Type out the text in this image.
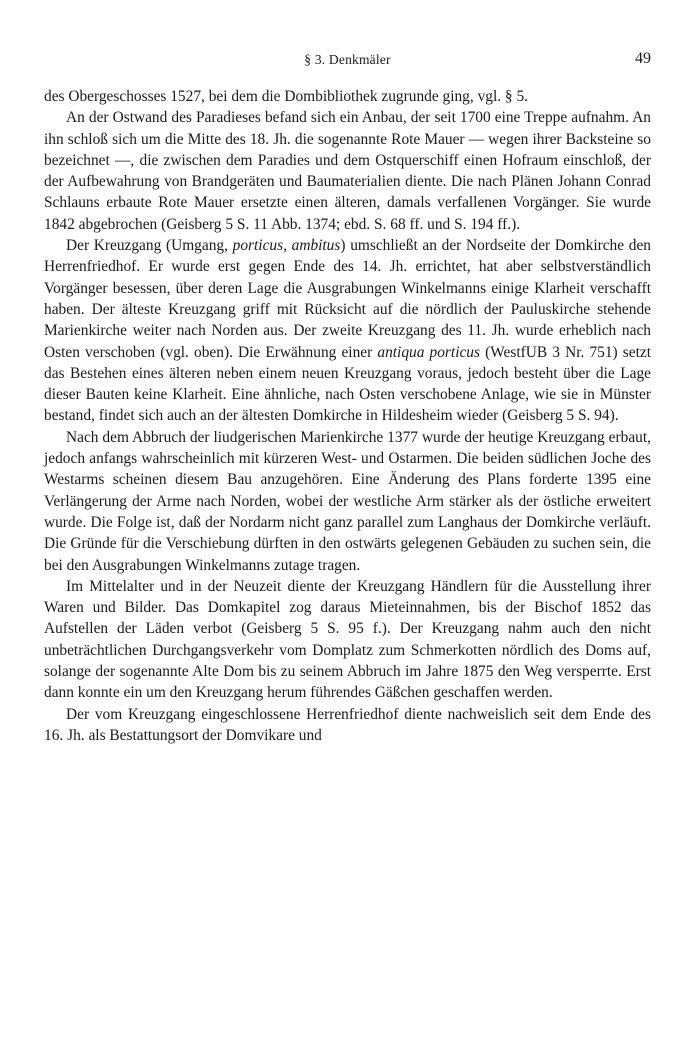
§ 3. Denkmäler	49

des Obergeschosses 1527, bei dem die Dombibliothek zugrunde ging, vgl. § 5.

An der Ostwand des Paradieses befand sich ein Anbau, der seit 1700 eine Treppe aufnahm. An ihn schloß sich um die Mitte des 18. Jh. die sogenannte Rote Mauer — wegen ihrer Backsteine so bezeichnet —, die zwischen dem Paradies und dem Ostquerschiff einen Hofraum einschloß, der der Aufbewahrung von Brandgeräten und Baumaterialien diente. Die nach Plänen Johann Conrad Schlauns erbaute Rote Mauer ersetzte einen älteren, damals verfallenen Vorgänger. Sie wurde 1842 abgebrochen (Geisberg 5 S. 11 Abb. 1374; ebd. S. 68 ff. und S. 194 ff.).

Der Kreuzgang (Umgang, porticus, ambitus) umschließt an der Nordseite der Domkirche den Herrenfriedhof. Er wurde erst gegen Ende des 14. Jh. errichtet, hat aber selbstverständlich Vorgänger besessen, über deren Lage die Ausgrabungen Winkelmanns einige Klarheit verschafft haben. Der älteste Kreuzgang griff mit Rücksicht auf die nördlich der Pauluskirche stehende Marienkirche weiter nach Norden aus. Der zweite Kreuzgang des 11. Jh. wurde erheblich nach Osten verschoben (vgl. oben). Die Erwähnung einer antiqua porticus (WestfUB 3 Nr. 751) setzt das Bestehen eines älteren neben einem neuen Kreuzgang voraus, jedoch besteht über die Lage dieser Bauten keine Klarheit. Eine ähnliche, nach Osten verschobene Anlage, wie sie in Münster bestand, findet sich auch an der ältesten Domkirche in Hildesheim wieder (Geisberg 5 S. 94).

Nach dem Abbruch der liudgerischen Marienkirche 1377 wurde der heutige Kreuzgang erbaut, jedoch anfangs wahrscheinlich mit kürzeren West- und Ostarmen. Die beiden südlichen Joche des Westarms scheinen diesem Bau anzugehören. Eine Änderung des Plans forderte 1395 eine Verlängerung der Arme nach Norden, wobei der westliche Arm stärker als der östliche erweitert wurde. Die Folge ist, daß der Nordarm nicht ganz parallel zum Langhaus der Domkirche verläuft. Die Gründe für die Verschiebung dürften in den ostwärts gelegenen Gebäuden zu suchen sein, die bei den Ausgrabungen Winkelmanns zutage tragen.

Im Mittelalter und in der Neuzeit diente der Kreuzgang Händlern für die Ausstellung ihrer Waren und Bilder. Das Domkapitel zog daraus Mieteinnahmen, bis der Bischof 1852 das Aufstellen der Läden verbot (Geisberg 5 S. 95 f.). Der Kreuzgang nahm auch den nicht unbeträchtlichen Durchgangsverkehr vom Domplatz zum Schmerkotten nördlich des Doms auf, solange der sogenannte Alte Dom bis zu seinem Abbruch im Jahre 1875 den Weg versperrte. Erst dann konnte ein um den Kreuzgang herum führendes Gäßchen geschaffen werden.

Der vom Kreuzgang eingeschlossene Herrenfriedhof diente nachweislich seit dem Ende des 16. Jh. als Bestattungsort der Domvikare und
